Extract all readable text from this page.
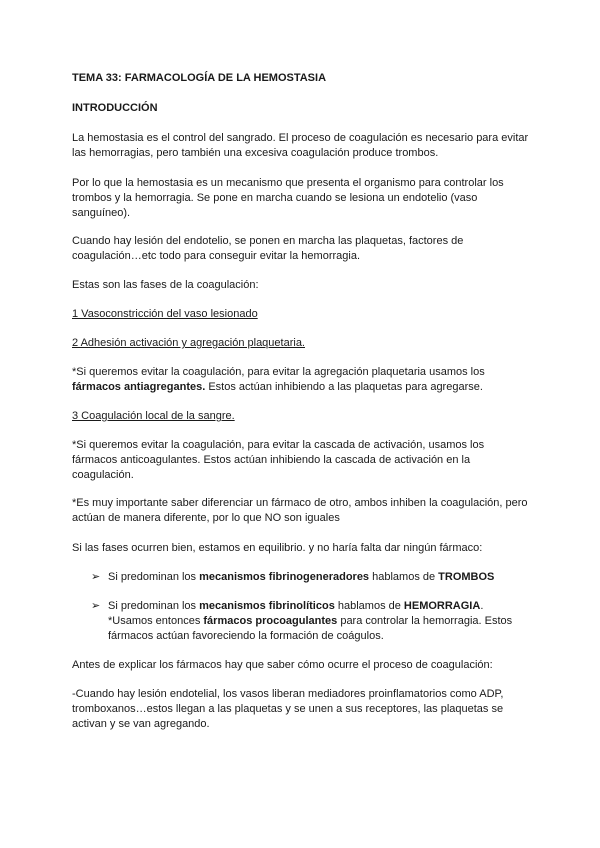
TEMA 33: FARMACOLOGÍA DE LA HEMOSTASIA

INTRODUCCIÓN

La hemostasia es el control del sangrado. El proceso de coagulación es necesario para evitar las hemorragias, pero también una excesiva coagulación produce trombos.

Por lo que la hemostasia es un mecanismo que presenta el organismo para controlar los trombos y la hemorragia. Se pone en marcha cuando se lesiona un endotelio (vaso sanguíneo).

Cuando hay lesión del endotelio, se ponen en marcha las plaquetas, factores de coagulación…etc todo para conseguir evitar la hemorragia.

Estas son las fases de la coagulación:

1 Vasoconstricción del vaso lesionado

2 Adhesión activación y agregación plaquetaria.

*Si queremos evitar la coagulación, para evitar la agregación plaquetaria usamos los fármacos antiagregantes. Estos actúan inhibiendo a las plaquetas para agregarse.

3 Coagulación local de la sangre.

*Si queremos evitar la coagulación, para evitar la cascada de activación, usamos los fármacos anticoagulantes. Estos actúan inhibiendo la cascada de activación en la coagulación.

*Es muy importante saber diferenciar un fármaco de otro, ambos inhiben la coagulación, pero actúan de manera diferente, por lo que NO son iguales

Si las fases ocurren bien, estamos en equilibrio. y no haría falta dar ningún fármaco:

➢ Si predominan los mecanismos fibrinogeneradores hablamos de TROMBOS

➢ Si predominan los mecanismos fibrinolíticos hablamos de HEMORRAGIA.
*Usamos entonces fármacos procoagulantes para controlar la hemorragia. Estos fármacos actúan favoreciendo la formación de coágulos.

Antes de explicar los fármacos hay que saber cómo ocurre el proceso de coagulación:

-Cuando hay lesión endotelial, los vasos liberan mediadores proinflamatorios como ADP, tromboxanos…estos llegan a las plaquetas y se unen a sus receptores, las plaquetas se activan y se van agregando.
